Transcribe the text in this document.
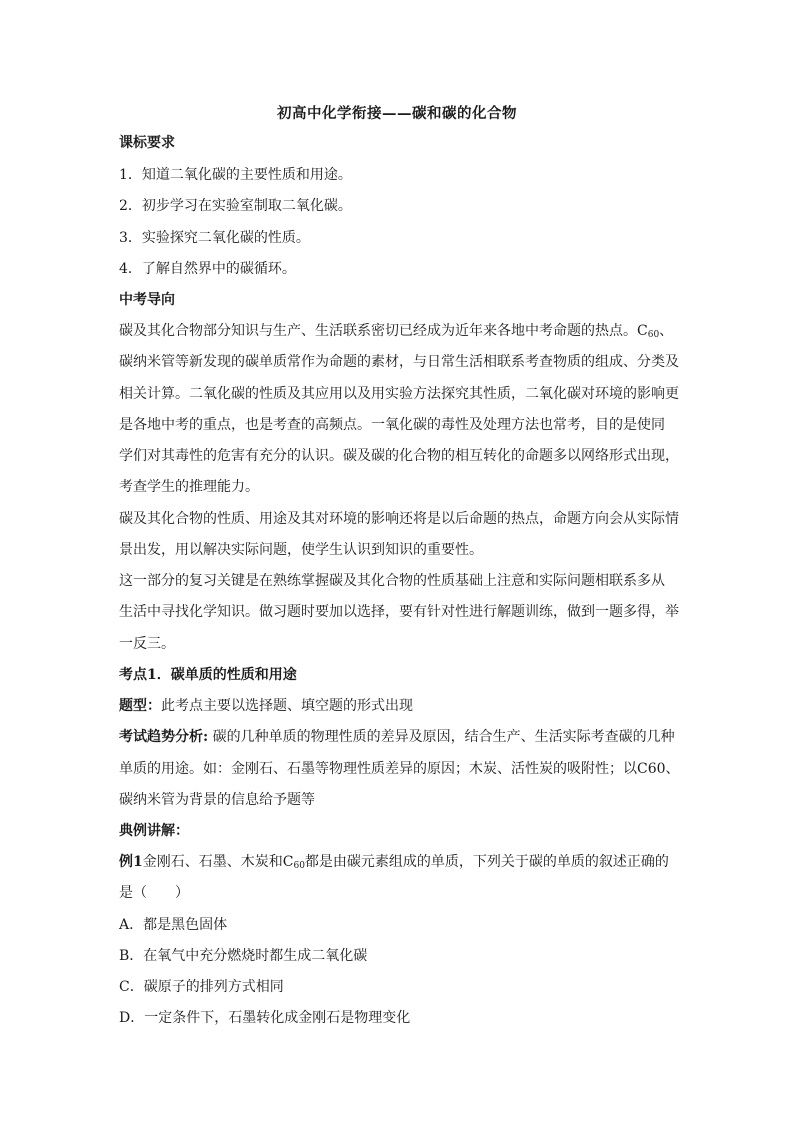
初高中化学衔接——碳和碳的化合物
课标要求
1．知道二氧化碳的主要性质和用途。
2．初步学习在实验室制取二氧化碳。
3．实验探究二氧化碳的性质。
4．了解自然界中的碳循环。
中考导向
碳及其化合物部分知识与生产、生活联系密切已经成为近年来各地中考命题的热点。$C_{60}$、
碳纳米管等新发现的碳单质常作为命题的素材，与日常生活相联系考查物质的组成、分类及
相关计算。二氧化碳的性质及其应用以及用实验方法探究其性质，二氧化碳对环境的影响更
是各地中考的重点，也是考查的高频点。一氧化碳的毒性及处理方法也常考，目的是使同
学们对其毒性的危害有充分的认识。碳及碳的化合物的相互转化的命题多以网络形式出现，
考查学生的推理能力。
碳及其化合物的性质、用途及其对环境的影响还将是以后命题的热点，命题方向会从实际情
景出发，用以解决实际问题，使学生认识到知识的重要性。
这一部分的复习关键是在熟练掌握碳及其化合物的性质基础上注意和实际问题相联系多从
生活中寻找化学知识。做习题时要加以选择，要有针对性进行解题训练，做到一题多得，举
一反三。
考点1．碳单质的性质和用途
题型：此考点主要以选择题、填空题的形式出现
考试趋势分析: 碳的几种单质的物理性质的差异及原因，结合生产、生活实际考查碳的几种
单质的用途。如：金刚石、石墨等物理性质差异的原因；木炭、活性炭的吸附性；以C60、
碳纳米管为背景的信息给予题等
典例讲解：
例1金刚石、石墨、木炭和$C_{60}$都是由碳元素组成的单质，下列关于碳的单质的叙述正确的
是（　　）
A．都是黑色固体
B．在氧气中充分燃烧时都生成二氧化碳
C．碳原子的排列方式相同
D．一定条件下，石墨转化成金刚石是物理变化
